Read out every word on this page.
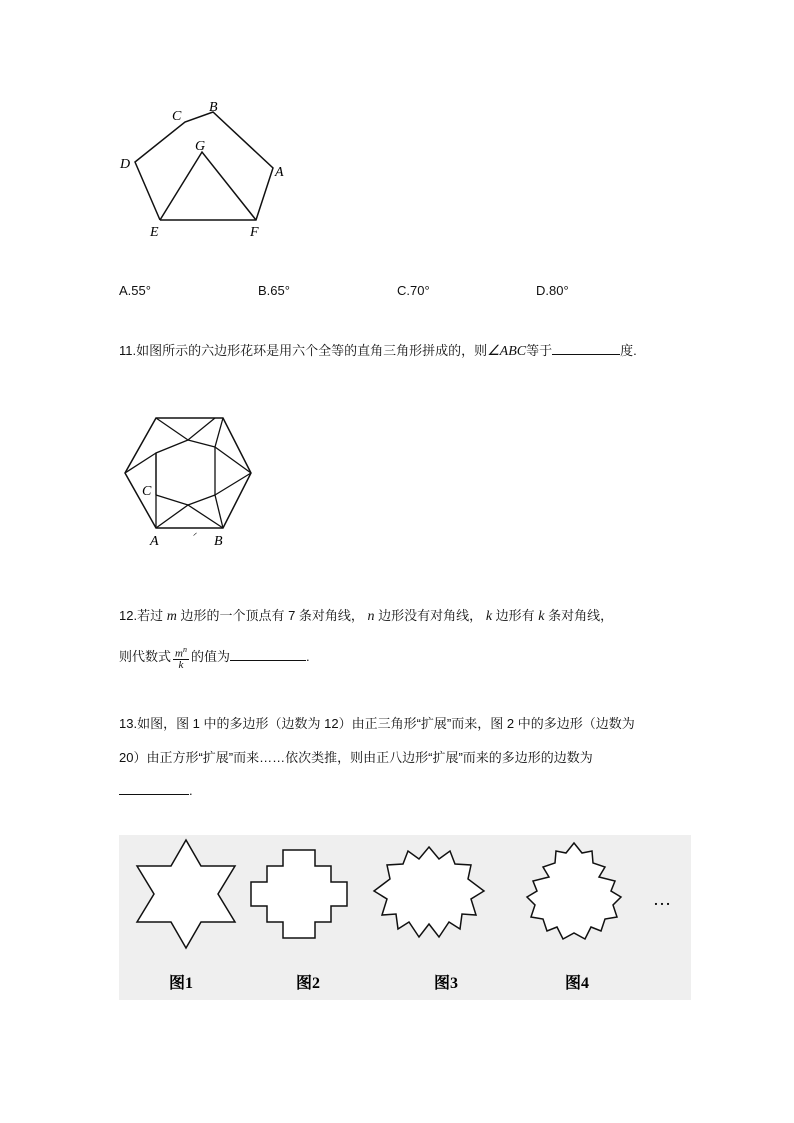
C
B
G
D
A
E	F
A.55°	B.65°	C.70°	D.80°
11.如图所示的六边形花环是用六个全等的直角三角形拼成的，则∠ABC等于	度.
C
A	B
ᐟ
12.若过 m 边形的一个顶点有 7 条对角线， n 边形没有对角线， k 边形有 k 条对角线，
则代数式 $\frac{m^n}{k}$ 的值为	.
13.如图，图 1 中的多边形（边数为 12）由正三角形“扩展”而来，图 2 中的多边形（边数为
20）由正方形“扩展”而来……依次类推，则由正八边形“扩展”而来的多边形的边数为
.
…
图1	图2	图3	图4
